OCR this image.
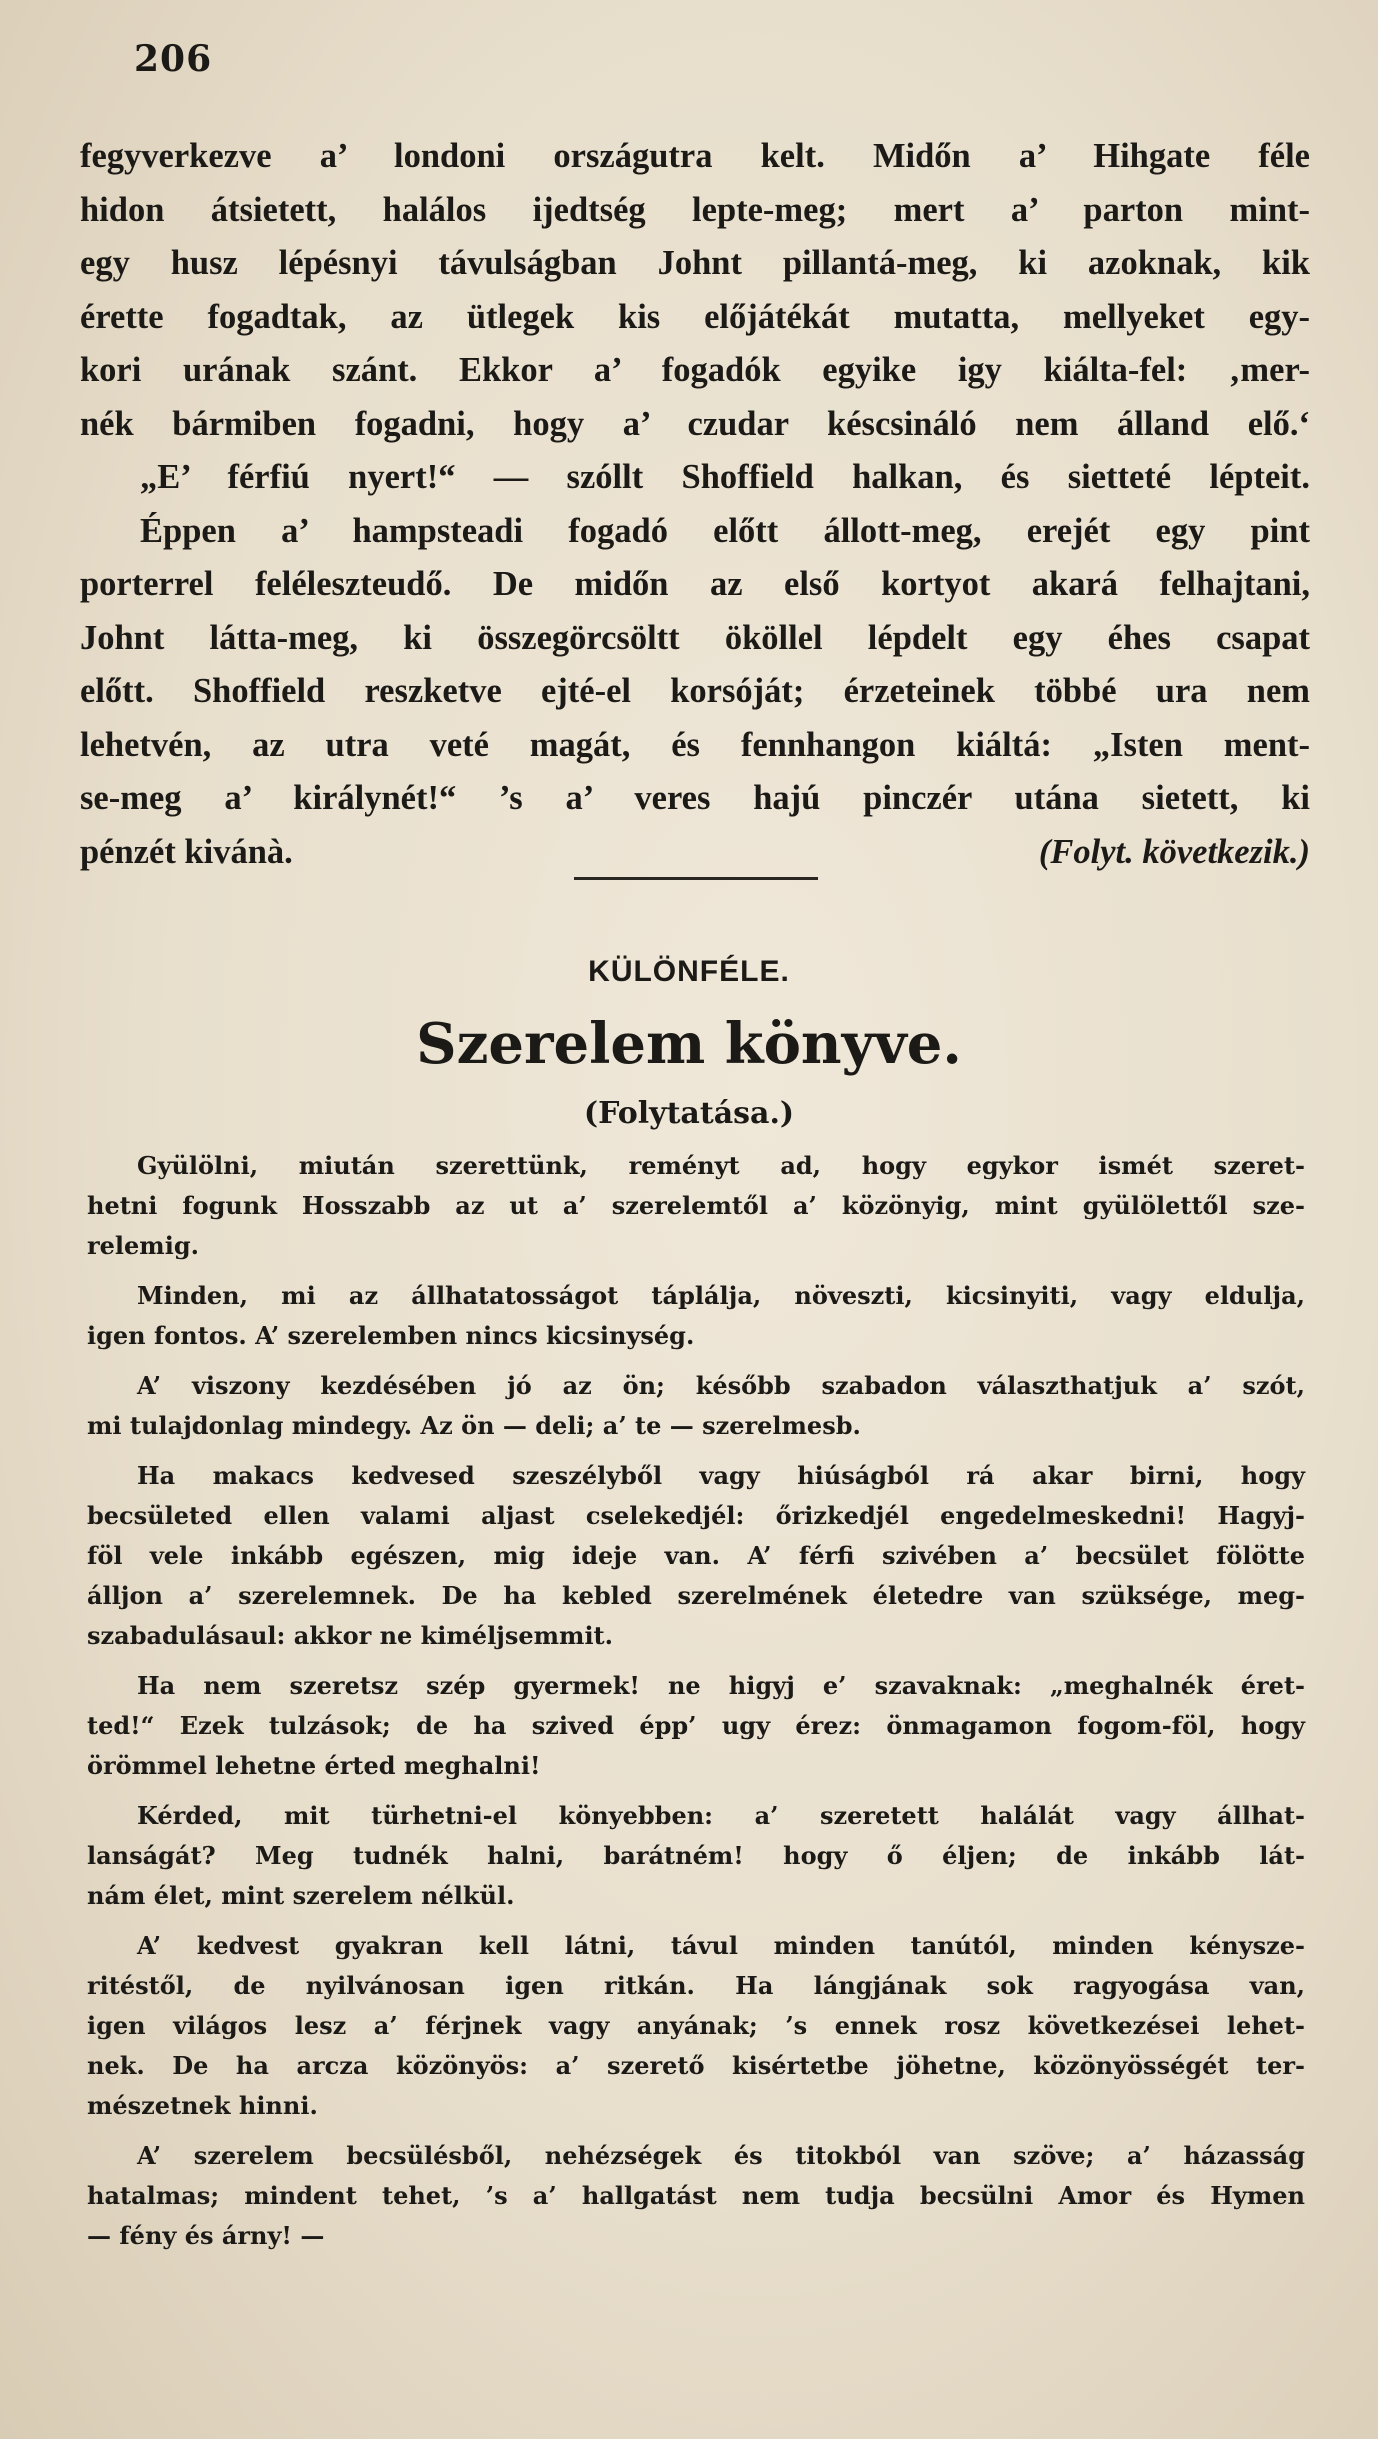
206
fegyverkezve a’ londoni országutra kelt. Midőn a’ Hihgate féle
hidon átsietett, halálos ijedtség lepte-meg; mert a’ parton mint-
egy husz lépésnyi távulságban Johnt pillantá-meg, ki azoknak, kik
érette fogadtak, az ütlegek kis előjátékát mutatta, mellyeket egy-
kori urának szánt. Ekkor a’ fogadók egyike igy kiálta-fel: ‚mer-
nék bármiben fogadni, hogy a’ czudar késcsináló nem álland elő.‘
„E’ férfiú nyert!“ — szóllt Shoffield halkan, és sietteté lépteit.
Éppen a’ hampsteadi fogadó előtt állott-meg, erejét egy pint
porterrel feléleszteudő. De midőn az első kortyot akará felhajtani,
Johnt látta-meg, ki összegörcsöltt ököllel lépdelt egy éhes csapat
előtt. Shoffield reszketve ejté-el korsóját; érzeteinek többé ura nem
lehetvén, az utra veté magát, és fennhangon kiáltá: „Isten ment-
se-meg a’ királynét!“ ’s a’ veres hajú pinczér utána sietett, ki
pénzét kivánà.	(Folyt. következik.)
KÜLÖNFÉLE.
Szerelem könyve.
(Folytatása.)
Gyülölni, miután szerettünk, reményt ad, hogy egykor ismét szeret-
hetni fogunk Hosszabb az ut a’ szerelemtől a’ közönyig, mint gyülölettől sze-
relemig.
Minden, mi az állhatatosságot táplálja, növeszti, kicsinyiti, vagy eldulja,
igen fontos. A’ szerelemben nincs kicsinység.
A’ viszony kezdésében jó az ön; később szabadon választhatjuk a’ szót,
mi tulajdonlag mindegy. Az ön — deli; a’ te — szerelmesb.
Ha makacs kedvesed szeszélyből vagy hiúságból rá akar birni, hogy
becsületed ellen valami aljast cselekedjél: őrizkedjél engedelmeskedni! Hagyj-
föl vele inkább egészen, mig ideje van. A’ férfi szivében a’ becsület fölötte
álljon a’ szerelemnek. De ha kebled szerelmének életedre van szüksége, meg-
szabadulásaul: akkor ne kiméljsemmit.
Ha nem szeretsz szép gyermek! ne higyj e’ szavaknak: „meghalnék éret-
ted!“ Ezek tulzások; de ha szived épp’ ugy érez: önmagamon fogom-föl, hogy
örömmel lehetne érted meghalni!
Kérded, mit türhetni-el könyebben: a’ szeretett halálát vagy állhat-
lanságát? Meg tudnék halni, barátném! hogy ő éljen; de inkább lát-
nám élet, mint szerelem nélkül.
A’ kedvest gyakran kell látni, távul minden tanútól, minden kénysze-
ritéstől, de nyilvánosan igen ritkán. Ha lángjának sok ragyogása van,
igen világos lesz a’ férjnek vagy anyának; ’s ennek rosz következései lehet-
nek. De ha arcza közönyös: a’ szerető kisértetbe jöhetne, közönyösségét ter-
mészetnek hinni.
A’ szerelem becsülésből, nehézségek és titokból van szöve; a’ házasság
hatalmas; mindent tehet, ’s a’ hallgatást nem tudja becsülni Amor és Hymen
— fény és árny! —
